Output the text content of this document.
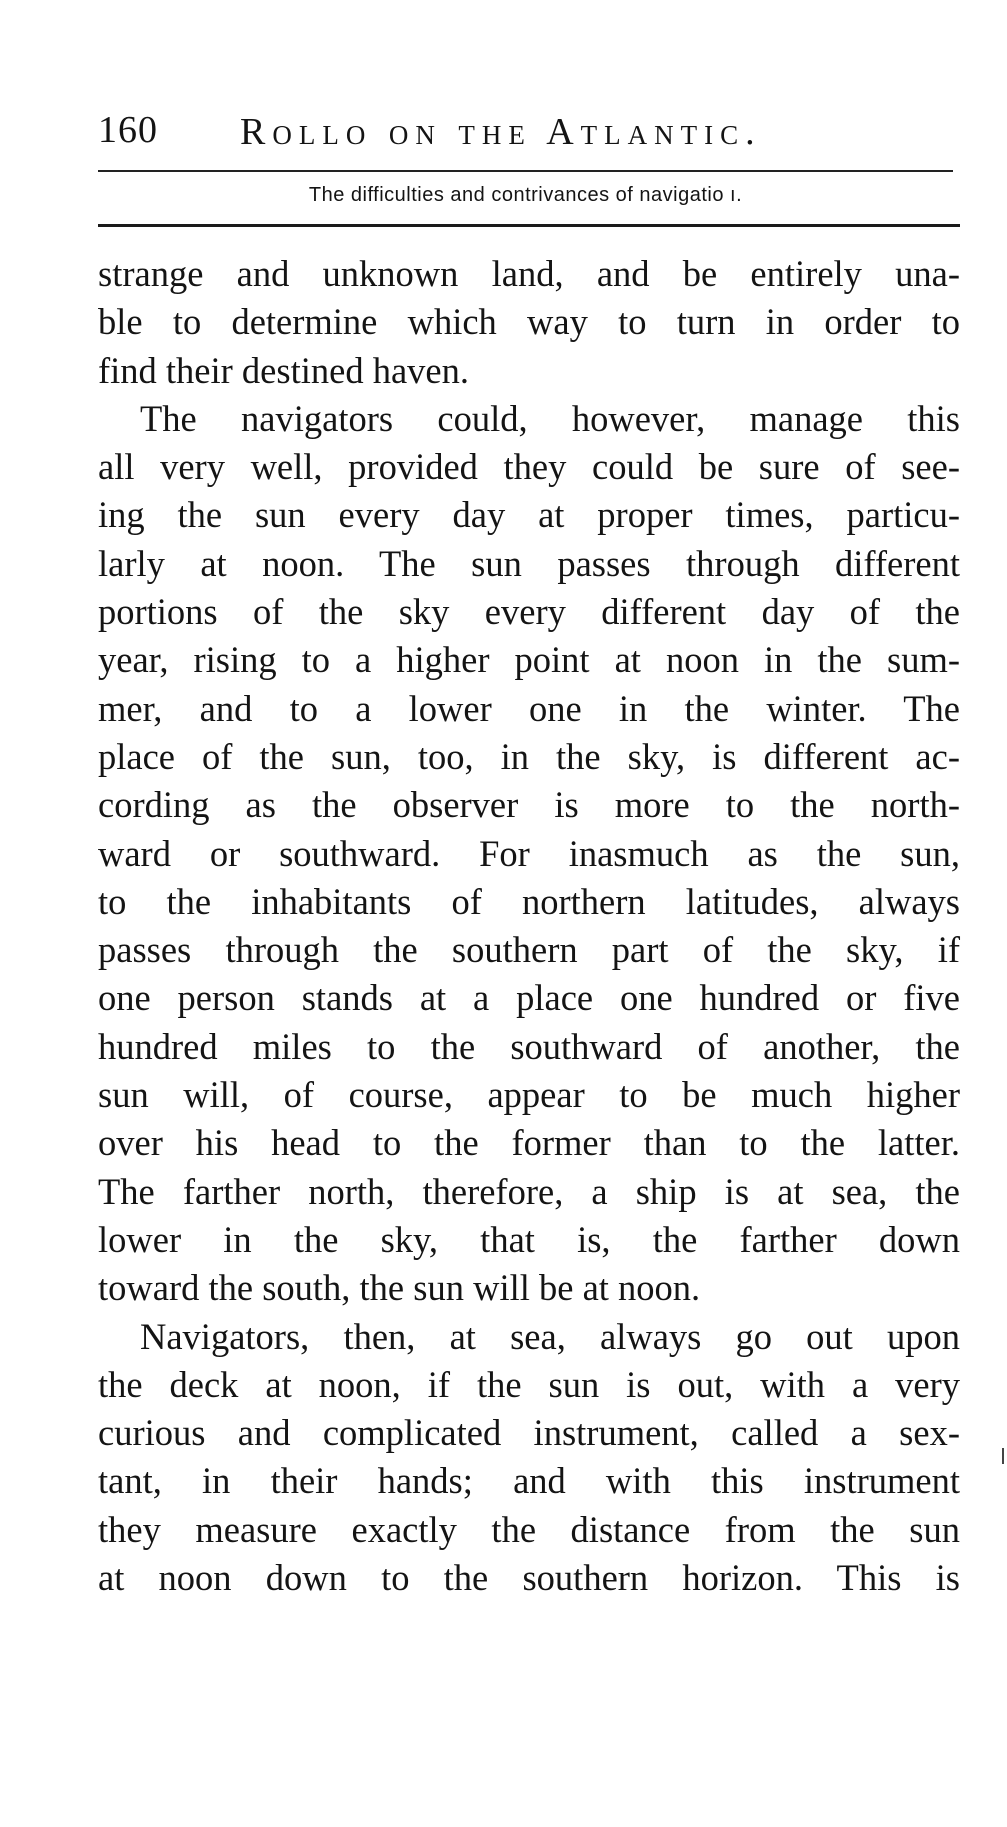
160 Rollo on the Atlantic.
The difficulties and contrivances of navigatio ı.
strange and unknown land, and be entirely una-
ble to determine which way to turn in order to
find their destined haven.
The navigators could, however, manage this
all very well, provided they could be sure of see-
ing the sun every day at proper times, particu-
larly at noon. The sun passes through different
portions of the sky every different day of the
year, rising to a higher point at noon in the sum-
mer, and to a lower one in the winter. The
place of the sun, too, in the sky, is different ac-
cording as the observer is more to the north-
ward or southward. For inasmuch as the sun,
to the inhabitants of northern latitudes, always
passes through the southern part of the sky, if
one person stands at a place one hundred or five
hundred miles to the southward of another, the
sun will, of course, appear to be much higher
over his head to the former than to the latter.
The farther north, therefore, a ship is at sea, the
lower in the sky, that is, the farther down
toward the south, the sun will be at noon.
Navigators, then, at sea, always go out upon
the deck at noon, if the sun is out, with a very
curious and complicated instrument, called a sex-
tant, in their hands; and with this instrument
they measure exactly the distance from the sun
at noon down to the southern horizon. This is
